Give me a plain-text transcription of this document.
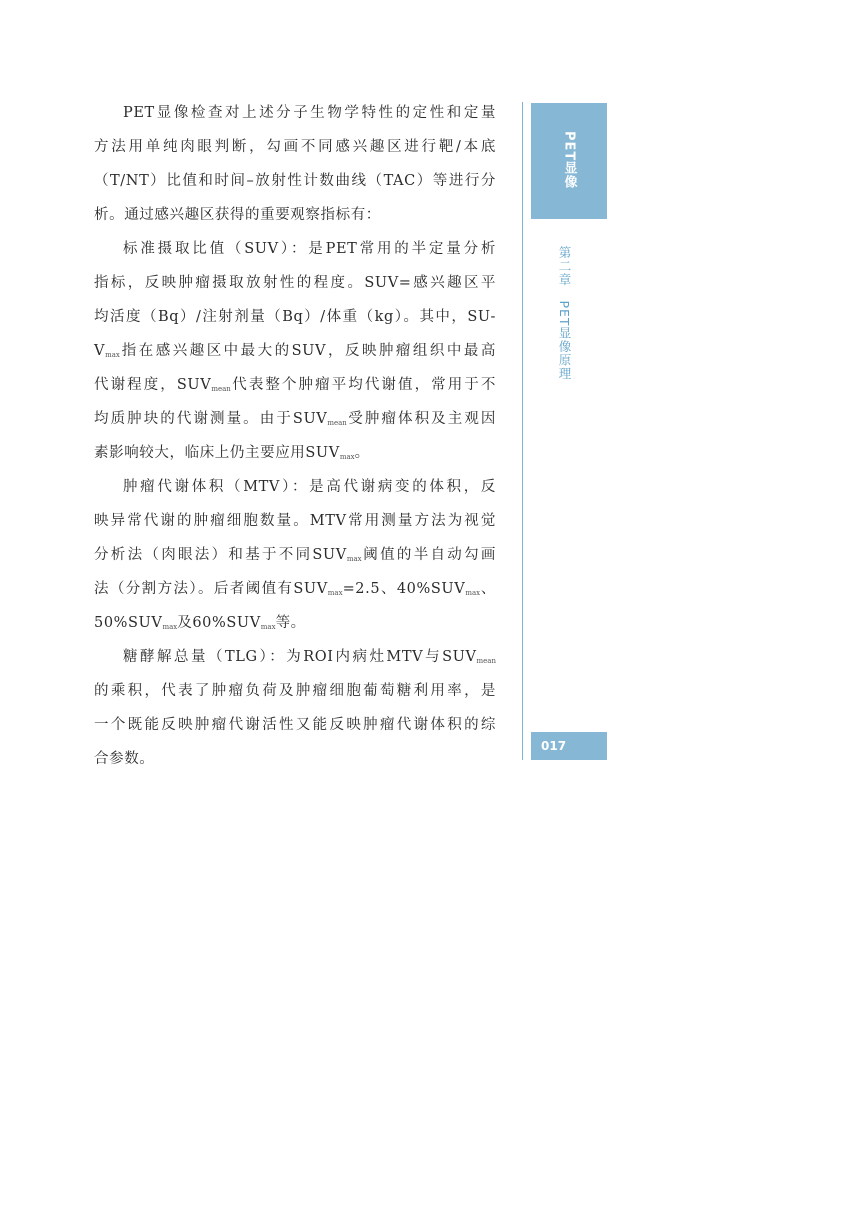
PET显像检查对上述分子生物学特性的定性和定量
方法用单纯肉眼判断，勾画不同感兴趣区进行靶/本底
（T/NT）比值和时间–放射性计数曲线（TAC）等进行分
析。通过感兴趣区获得的重要观察指标有：
标准摄取比值（SUV）：是PET常用的半定量分析
指标，反映肿瘤摄取放射性的程度。SUV=感兴趣区平
均活度（Bq）/注射剂量（Bq）/体重（kg）。其中，SU-
$V_{max}$指在感兴趣区中最大的SUV，反映肿瘤组织中最高
代谢程度，$SUV_{mean}$代表整个肿瘤平均代谢值，常用于不
均质肿块的代谢测量。由于$SUV_{mean}$受肿瘤体积及主观因
素影响较大，临床上仍主要应用$SUV_{max}$。
肿瘤代谢体积（MTV）：是高代谢病变的体积，反
映异常代谢的肿瘤细胞数量。MTV常用测量方法为视觉
分析法（肉眼法）和基于不同$SUV_{max}$阈值的半自动勾画
法（分割方法）。后者阈值有$SUV_{max}=2.5$、$40\%SUV_{max}$、
$50\%SUV_{max}$及$60\%SUV_{max}$等。
糖酵解总量（TLG）：为ROI内病灶MTV与$SUV_{mean}$
的乘积，代表了肿瘤负荷及肿瘤细胞葡萄糖利用率，是
一个既能反映肿瘤代谢活性又能反映肿瘤代谢体积的综
合参数。
PET显像
第二章PET显像原理
017
